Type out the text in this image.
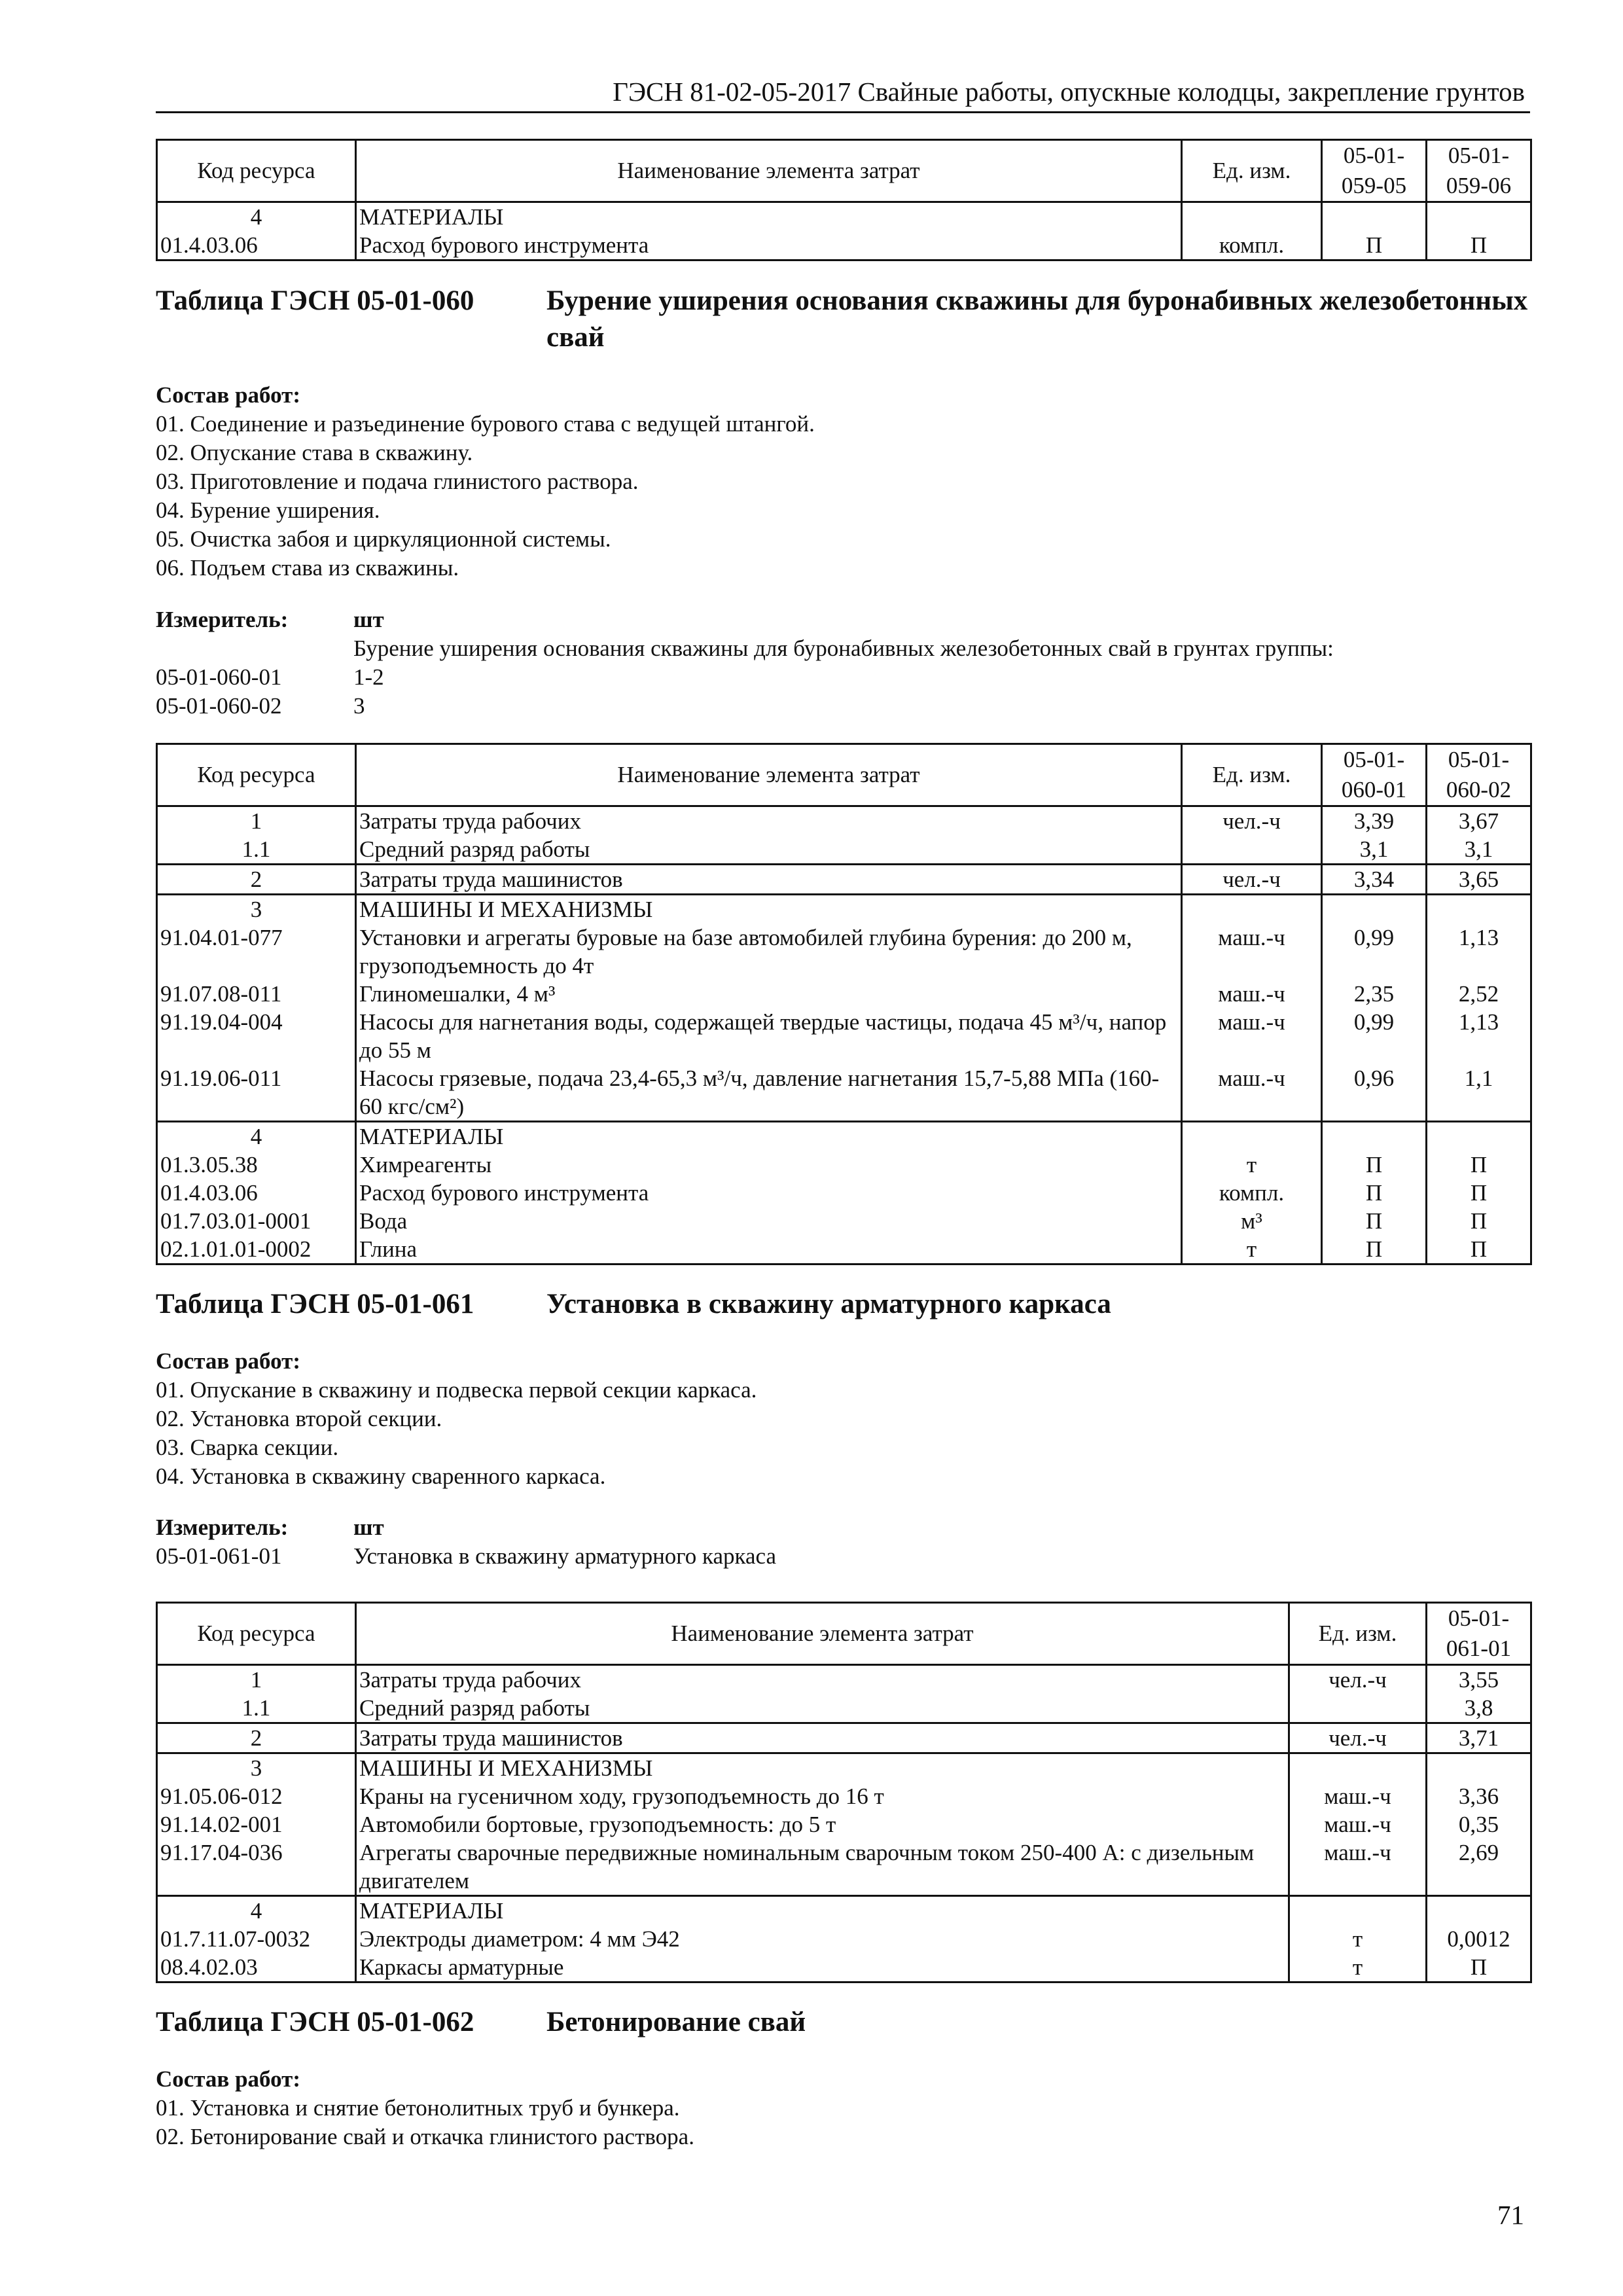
ГЭСН 81-02-05-2017 Свайные работы, опускные колодцы, закрепление грунтов
Код ресурса	Наименование элемента затрат	Ед. изм.	05-01-059-05	05-01-059-06
4	МАТЕРИАЛЫ			
01.4.03.06	Расход бурового инструмента	компл.	П	П
Таблица ГЭСН 05-01-060	Бурение уширения основания скважины для буронабивных железобетонных свай
Состав работ:
01. Соединение и разъединение бурового става с ведущей штангой.
02. Опускание става в скважину.
03. Приготовление и подача глинистого раствора.
04. Бурение уширения.
05. Очистка забоя и циркуляционной системы.
06. Подъем става из скважины.
Измеритель:	шт
Бурение уширения основания скважины для буронабивных железобетонных свай в грунтах группы:
05-01-060-01	1-2
05-01-060-02	3
Код ресурса	Наименование элемента затрат	Ед. изм.	05-01-060-01	05-01-060-02
1	Затраты труда рабочих	чел.-ч	3,39	3,67
1.1	Средний разряд работы		3,1	3,1
2	Затраты труда машинистов	чел.-ч	3,34	3,65
3	МАШИНЫ И МЕХАНИЗМЫ			
91.04.01-077	Установки и агрегаты буровые на базе автомобилей глубина бурения: до 200 м, грузоподъемность до 4т	маш.-ч	0,99	1,13
91.07.08-011	Глиномешалки, 4 м³	маш.-ч	2,35	2,52
91.19.04-004	Насосы для нагнетания воды, содержащей твердые частицы, подача 45 м³/ч, напор до 55 м	маш.-ч	0,99	1,13
91.19.06-011	Насосы грязевые, подача 23,4-65,3 м³/ч, давление нагнетания 15,7-5,88 МПа (160-60 кгс/см²)	маш.-ч	0,96	1,1
4	МАТЕРИАЛЫ			
01.3.05.38	Химреагенты	т	П	П
01.4.03.06	Расход бурового инструмента	компл.	П	П
01.7.03.01-0001	Вода	м³	П	П
02.1.01.01-0002	Глина	т	П	П
Таблица ГЭСН 05-01-061	Установка в скважину арматурного каркаса
Состав работ:
01. Опускание в скважину и подвеска первой секции каркаса.
02. Установка второй секции.
03. Сварка секции.
04. Установка в скважину сваренного каркаса.
Измеритель:	шт
05-01-061-01	Установка в скважину арматурного каркаса
Код ресурса	Наименование элемента затрат	Ед. изм.	05-01-061-01
1	Затраты труда рабочих	чел.-ч	3,55
1.1	Средний разряд работы		3,8
2	Затраты труда машинистов	чел.-ч	3,71
3	МАШИНЫ И МЕХАНИЗМЫ		
91.05.06-012	Краны на гусеничном ходу, грузоподъемность до 16 т	маш.-ч	3,36
91.14.02-001	Автомобили бортовые, грузоподъемность: до 5 т	маш.-ч	0,35
91.17.04-036	Агрегаты сварочные передвижные номинальным сварочным током 250-400 А: с дизельным двигателем	маш.-ч	2,69
4	МАТЕРИАЛЫ		
01.7.11.07-0032	Электроды диаметром: 4 мм Э42	т	0,0012
08.4.02.03	Каркасы арматурные	т	П
Таблица ГЭСН 05-01-062	Бетонирование свай
Состав работ:
01. Установка и снятие бетонолитных труб и бункера.
02. Бетонирование свай и откачка глинистого раствора.
71
